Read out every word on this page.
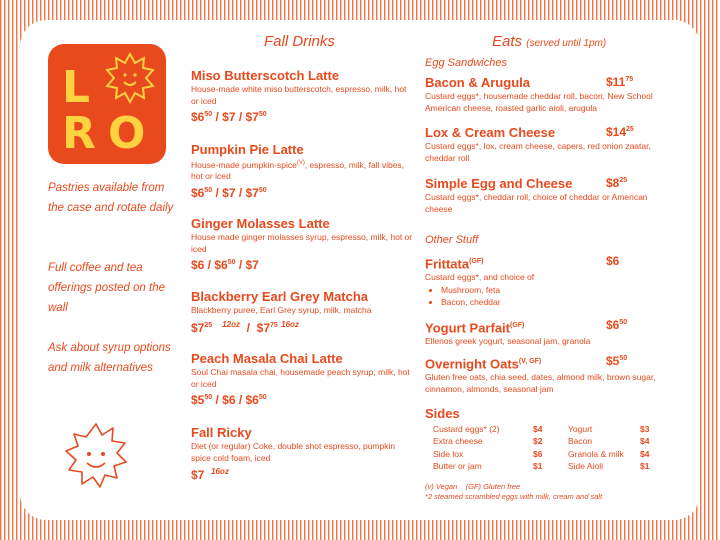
L
R O
Pastries available from the case and rotate daily
Full coffee and tea offerings posted on the wall
Ask about syrup options and milk alternatives
Fall Drinks	Eats (served until 1pm)
Miso Butterscotch Latte
House-made white miso butterscotch, espresso, milk, hot or iced
$\$6^{50}$ / $7 / $\$7^{50}$
Pumpkin Pie Latte
House-made pumpkin-spice$^{(V)}$, espresso, milk, fall vibes, hot or iced
$\$6^{50}$ / $7 / $\$7^{50}$
Ginger Molasses Latte
House made ginger molasses syrup, espresso, milk, hot or iced
$6 / $\$6^{50}$ / $7
Blackberry Earl Grey Matcha
Blackberry puree, Earl Grey syrup, milk, matcha
$\$7^{25}$ $^{12oz} / \$7^{75}$ $^{16oz}$
Peach Masala Chai Latte
Soul Chai masala chai, housemade peach syrup, milk, hot or iced
$\$5^{50}$ / $6 / $\$6^{50}$
Fall Ricky
Diet (or regular) Coke, double shot espresso, pumpkin spice cold foam, iced
$7 $^{16oz}$
Egg Sandwiches
Bacon & Arugula	$\$11^{75}$
Custard eggs*, housemade cheddar roll, bacon, New School American cheese, roasted garlic aioli, arugula
Lox & Cream Cheese	$\$14^{25}$
Custard eggs*, lox, cream cheese, capers, red onion zaatar, cheddar roll
Simple Egg and Cheese	$\$8^{25}$
Custard eggs*, cheddar roll, choice of cheddar or American cheese
Other Stuff
Frittata$^{(GF)}$	$6
Custard eggs*, and choice of
• Mushroom, feta
• Bacon, cheddar
Yogurt Parfait$^{(GF)}$	$\$6^{50}$
Ellenos greek yogurt, seasonal jam, granola
Overnight Oats$^{(V, GF)}$	$\$5^{50}$
Gluten free oats, chia seed, dates, almond milk, brown sugar, cinnamon, almonds, seasonal jam
Sides
Custard eggs* (2)	$4
Extra cheese	$2
Side lox	$6
Butter or jam	$1
Yogurt	$3
Bacon	$4
Granola & milk	$4
Side Aioli	$1
(v) Vegan    (GF) Gluten free
*2 steamed scrambled eggs with milk, cream and salt
